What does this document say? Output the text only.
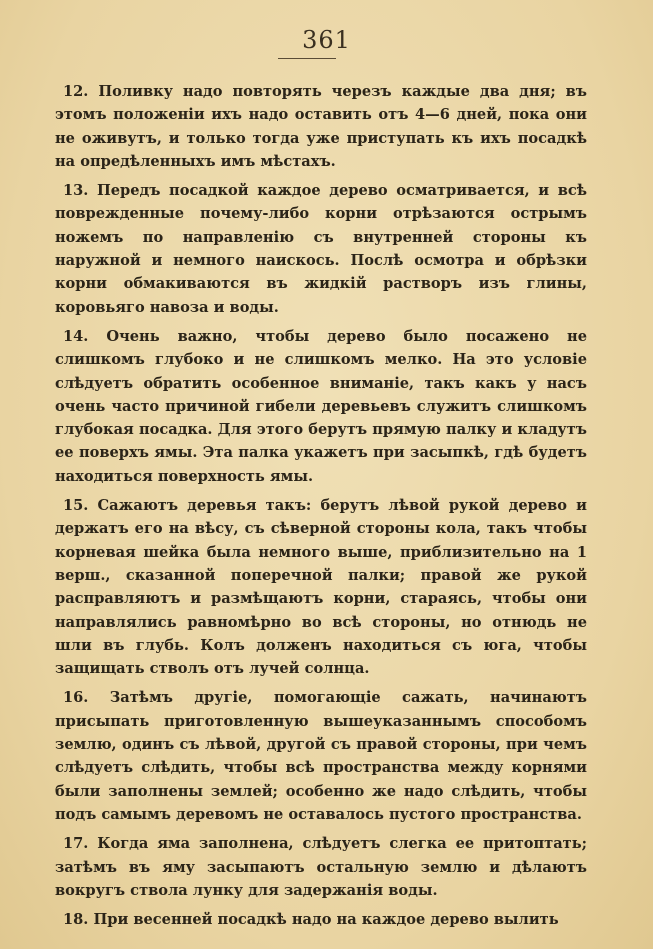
361

12. Поливку надо повторять черезъ каждые два дня; въ этомъ положеніи ихъ надо оставить отъ 4—6 дней, пока они не оживутъ, и только тогда уже приступать къ ихъ посадкѣ на опредѣленныхъ имъ мѣстахъ.

13. Передъ посадкой каждое дерево осматривается, и всѣ поврежденные почему-либо корни отрѣзаются острымъ ножемъ по направленію съ внутренней стороны къ наружной и немного наискось. Послѣ осмотра и обрѣзки корни обмакиваются въ жидкій растворъ изъ глины, коровьяго навоза и воды.

14. Очень важно, чтобы дерево было посажено не слишкомъ глубоко и не слишкомъ мелко. На это условіе слѣдуетъ обратить особенное вниманіе, такъ какъ у насъ очень часто причиной гибели деревьевъ служитъ слишкомъ глубокая посадка. Для этого берутъ прямую палку и кладутъ ее поверхъ ямы. Эта палка укажетъ при засыпкѣ, гдѣ будетъ находиться поверхность ямы.

15. Сажаютъ деревья такъ: берутъ лѣвой рукой дерево и держатъ его на вѣсу, съ сѣверной стороны кола, такъ чтобы корневая шейка была немного выше, приблизительно на 1 верш., сказанной поперечной палки; правой же рукой расправляютъ и размѣщаютъ корни, стараясь, чтобы они направлялись равномѣрно во всѣ стороны, но отнюдь не шли въ глубь. Колъ долженъ находиться съ юга, чтобы защищать стволъ отъ лучей солнца.

16. Затѣмъ другіе, помогающіе сажать, начинаютъ присыпать приготовленную вышеуказаннымъ способомъ землю, одинъ съ лѣвой, другой съ правой стороны, при чемъ слѣдуетъ слѣдить, чтобы всѣ пространства между корнями были заполнены землей; особенно же надо слѣдить, чтобы подъ самымъ деревомъ не оставалось пустого пространства.

17. Когда яма заполнена, слѣдуетъ слегка ее притоптать; затѣмъ въ яму засыпаютъ остальную землю и дѣлаютъ вокругъ ствола лунку для задержанія воды.

18. При весенней посадкѣ надо на каждое дерево вылить
